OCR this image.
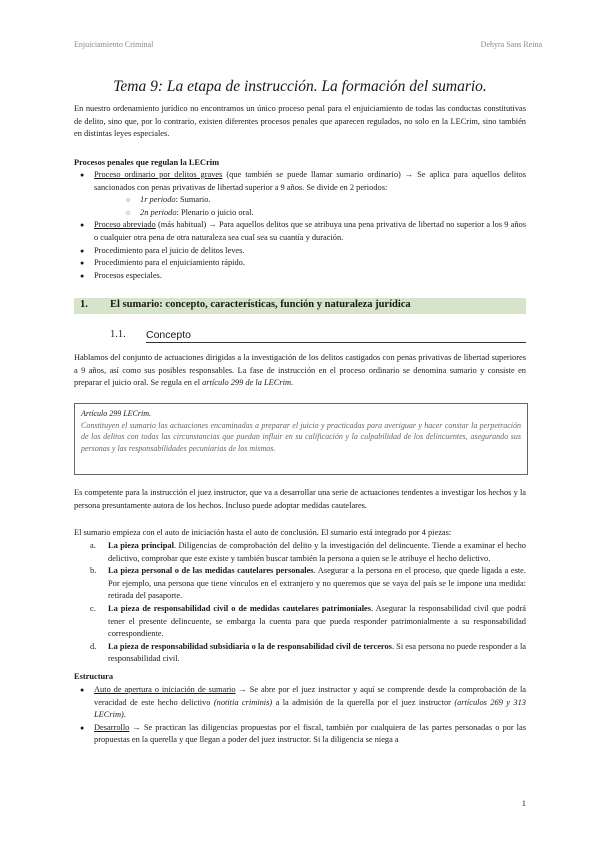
Enjuiciamiento Criminal	Dehyra Sans Reina
Tema 9: La etapa de instrucción. La formación del sumario.
En nuestro ordenamiento jurídico no encontramos un único proceso penal para el enjuiciamiento de todas las conductas constitutivas de delito, sino que, por lo contrario, existen diferentes procesos penales que aparecen regulados, no solo en la LECrim, sino también en distintas leyes especiales.
Procesos penales que regulan la LECrim
● Proceso ordinario por delitos graves (que también se puede llamar sumario ordinario) → Se aplica para aquellos delitos sancionados con penas privativas de libertad superior a 9 años. Se divide en 2 periodos:
○ 1r periodo: Sumario.
○ 2n periodo: Plenario o juicio oral.
● Proceso abreviado (más habitual) → Para aquellos delitos que se atribuya una pena privativa de libertad no superior a los 9 años o cualquier otra pena de otra naturaleza sea cual sea su cuantía y duración.
● Procedimiento para el juicio de delitos leves.
● Procedimiento para el enjuiciamiento rápido.
● Procesos especiales.
1. El sumario: concepto, características, función y naturaleza jurídica
1.1. Concepto
Hablamos del conjunto de actuaciones dirigidas a la investigación de los delitos castigados con penas privativas de libertad superiores a 9 años, así como sus posibles responsables. La fase de instrucción en el proceso ordinario se denomina sumario y consiste en preparar el juicio oral. Se regula en el artículo 299 de la LECrim.
Artículo 299 LECrim.
Constituyen el sumario las actuaciones encaminadas a preparar el juicio y practicadas para averiguar y hacer constar la perpetración de los delitos con todas las circunstancias que puedan influir en su calificación y la culpabilidad de los delincuentes, asegurando sus personas y las responsabilidades pecuniarias de los mismos.
Es competente para la instrucción el juez instructor, que va a desarrollar una serie de actuaciones tendentes a investigar los hechos y la persona presuntamente autora de los hechos. Incluso puede adoptar medidas cautelares.
El sumario empieza con el auto de iniciación hasta el auto de conclusión. El sumario está integrado por 4 piezas:
a. La pieza principal. Diligencias de comprobación del delito y la investigación del delincuente. Tiende a examinar el hecho delictivo, comprobar que este existe y también buscar también la persona a quien se le atribuye el hecho delictivo.
b. La pieza personal o de las medidas cautelares personales. Asegurar a la persona en el proceso, que quede ligada a este. Por ejemplo, una persona que tiene vínculos en el extranjero y no queremos que se vaya del país se le impone una medida: retirada del pasaporte.
c. La pieza de responsabilidad civil o de medidas cautelares patrimoniales. Asegurar la responsabilidad civil que podrá tener el presente delincuente, se embarga la cuenta para que pueda responder patrimonialmente a su responsabilidad correspondiente.
d. La pieza de responsabilidad subsidiaria o la de responsabilidad civil de terceros. Si esa persona no puede responder a la responsabilidad civil.
Estructura
● Auto de apertura o iniciación de sumario → Se abre por el juez instructor y aquí se comprende desde la comprobación de la veracidad de este hecho delictivo (notitia criminis) a la admisión de la querella por el juez instructor (artículos 269 y 313 LECrim).
● Desarrollo → Se practican las diligencias propuestas por el fiscal, también por cualquiera de las partes personadas o por las propuestas en la querella y que llegan a poder del juez instructor. Si la diligencia se niega a
1
